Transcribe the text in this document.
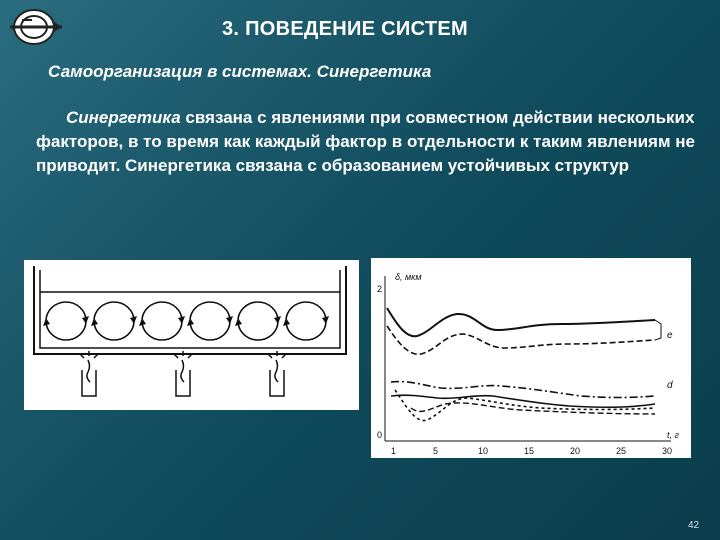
3. ПОВЕДЕНИЕ СИСТЕМ
Самоорганизация в системах. Синергетика
Синергетика связана с явлениями при совместном действии нескольких факторов, в то время как каждый фактор в отдельности к таким явлениям не приводит. Синергетика связана с образованием устойчивых структур
δ, мкм
2
0	t, г
1	5	10	15	20	25	30
e
d
42
